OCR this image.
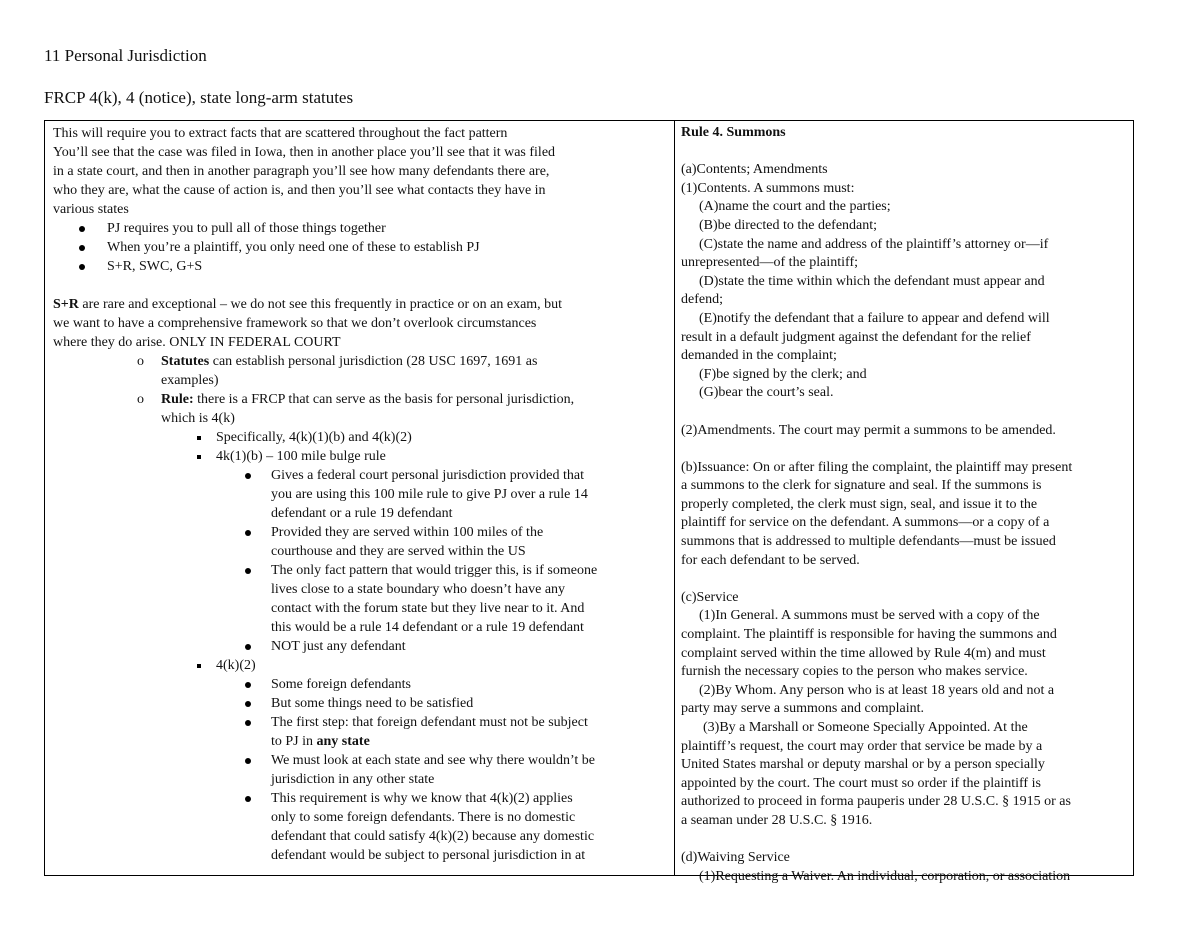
11 Personal Jurisdiction
FRCP 4(k), 4 (notice), state long-arm statutes
This will require you to extract facts that are scattered throughout the fact pattern
You’ll see that the case was filed in Iowa, then in another place you’ll see that it was filed
in a state court, and then in another paragraph you’ll see how many defendants there are,
who they are, what the cause of action is, and then you’ll see what contacts they have in
various states
PJ requires you to pull all of those things together
When you’re a plaintiff, you only need one of these to establish PJ
S+R, SWC, G+S
S+R are rare and exceptional – we do not see this frequently in practice or on an exam, but
we want to have a comprehensive framework so that we don’t overlook circumstances
where they do arise. ONLY IN FEDERAL COURT
o Statutes can establish personal jurisdiction (28 USC 1697, 1691 as
examples)
o Rule: there is a FRCP that can serve as the basis for personal jurisdiction,
which is 4(k)
Specifically, 4(k)(1)(b) and 4(k)(2)
4k(1)(b) – 100 mile bulge rule
Gives a federal court personal jurisdiction provided that
you are using this 100 mile rule to give PJ over a rule 14
defendant or a rule 19 defendant
Provided they are served within 100 miles of the
courthouse and they are served within the US
The only fact pattern that would trigger this, is if someone
lives close to a state boundary who doesn’t have any
contact with the forum state but they live near to it. And
this would be a rule 14 defendant or a rule 19 defendant
NOT just any defendant
4(k)(2)
Some foreign defendants
But some things need to be satisfied
The first step: that foreign defendant must not be subject
to PJ in any state
We must look at each state and see why there wouldn’t be
jurisdiction in any other state
This requirement is why we know that 4(k)(2) applies
only to some foreign defendants. There is no domestic
defendant that could satisfy 4(k)(2) because any domestic
defendant would be subject to personal jurisdiction in at
Rule 4. Summons
(a)Contents; Amendments
(1)Contents. A summons must:
(A)name the court and the parties;
(B)be directed to the defendant;
(C)state the name and address of the plaintiff’s attorney or—if
unrepresented—of the plaintiff;
(D)state the time within which the defendant must appear and
defend;
(E)notify the defendant that a failure to appear and defend will
result in a default judgment against the defendant for the relief
demanded in the complaint;
(F)be signed by the clerk; and
(G)bear the court’s seal.
(2)Amendments. The court may permit a summons to be amended.
(b)Issuance: On or after filing the complaint, the plaintiff may present
a summons to the clerk for signature and seal. If the summons is
properly completed, the clerk must sign, seal, and issue it to the
plaintiff for service on the defendant. A summons—or a copy of a
summons that is addressed to multiple defendants—must be issued
for each defendant to be served.
(c)Service
(1)In General. A summons must be served with a copy of the
complaint. The plaintiff is responsible for having the summons and
complaint served within the time allowed by Rule 4(m) and must
furnish the necessary copies to the person who makes service.
(2)By Whom. Any person who is at least 18 years old and not a
party may serve a summons and complaint.
(3)By a Marshall or Someone Specially Appointed. At the
plaintiff’s request, the court may order that service be made by a
United States marshal or deputy marshal or by a person specially
appointed by the court. The court must so order if the plaintiff is
authorized to proceed in forma pauperis under 28 U.S.C. § 1915 or as
a seaman under 28 U.S.C. § 1916.
(d)Waiving Service
(1)Requesting a Waiver. An individual, corporation, or association
